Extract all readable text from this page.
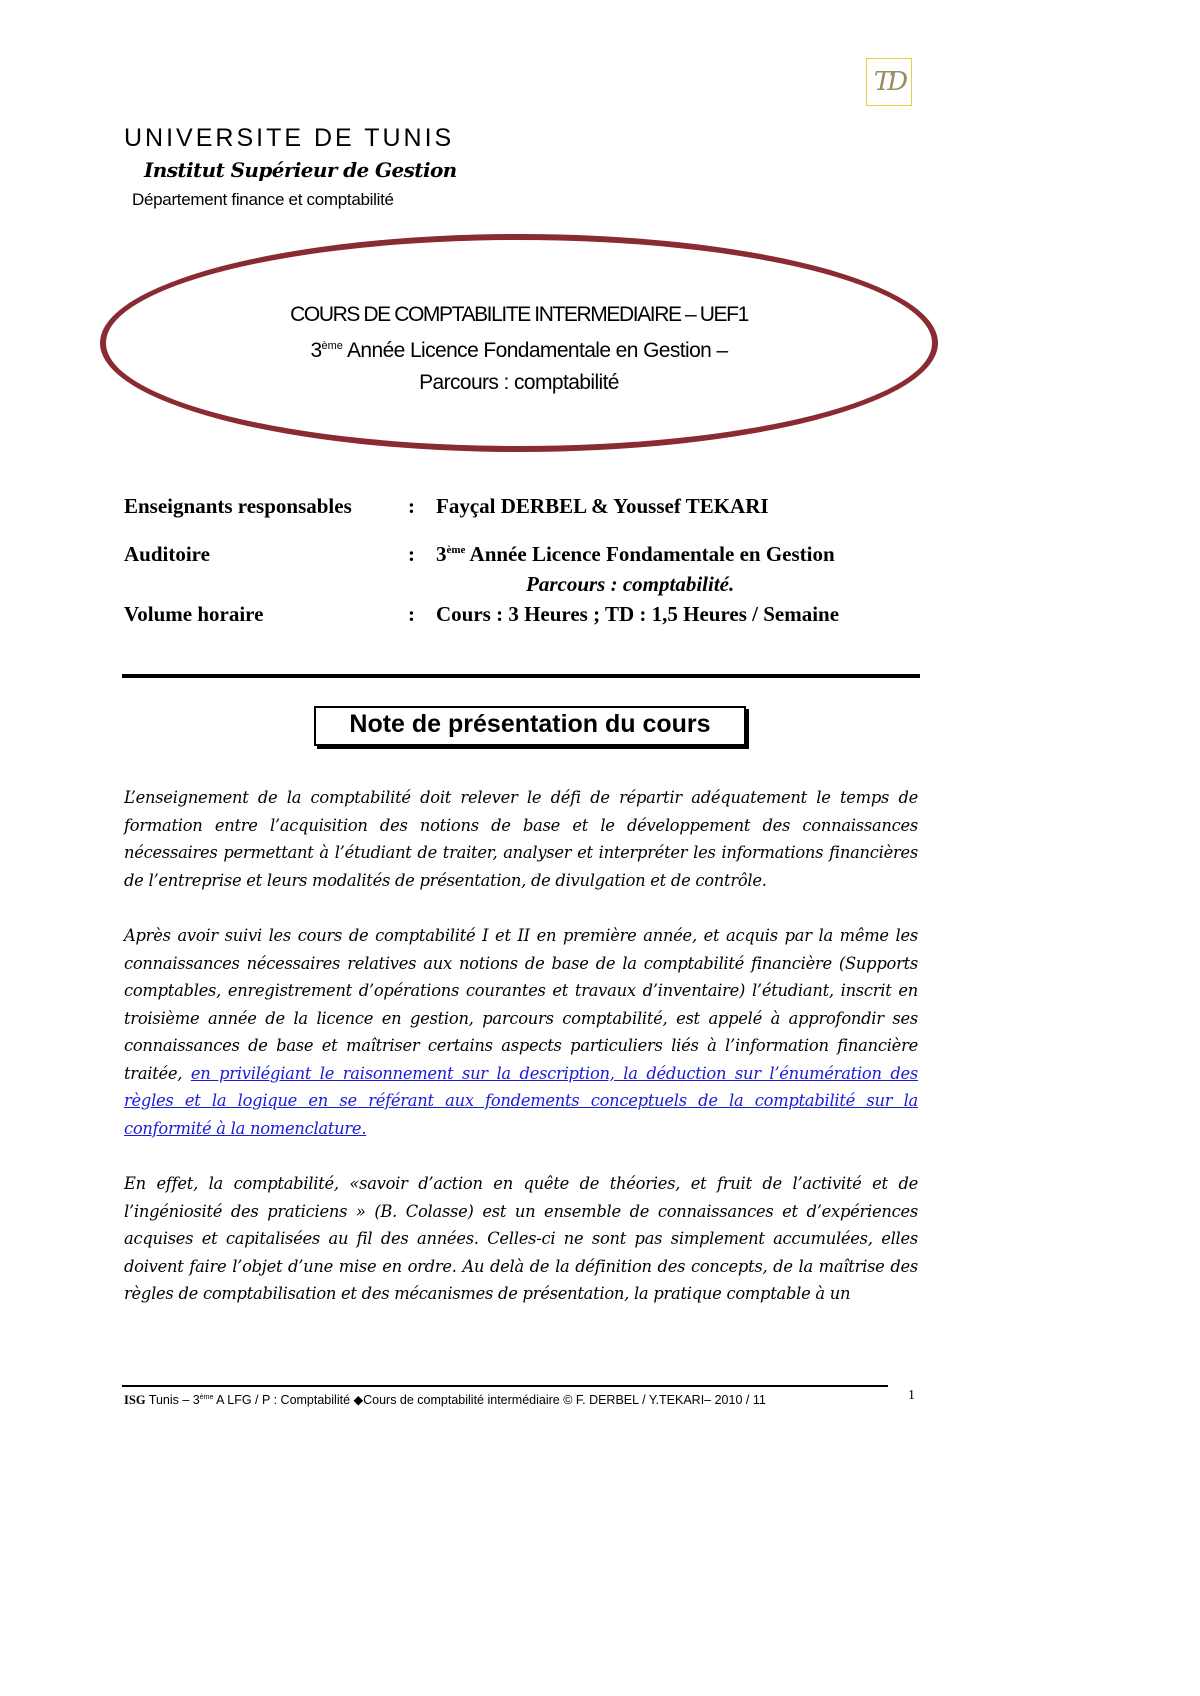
TD
UNIVERSITE DE TUNIS
Institut Supérieur de Gestion
Département finance et comptabilité
COURS DE COMPTABILITE INTERMEDIAIRE – UEF1
3ème Année Licence Fondamentale en Gestion –
Parcours : comptabilité
Enseignants responsables	: Fayçal DERBEL & Youssef TEKARI
Auditoire	: 3ème Année Licence Fondamentale en Gestion
Parcours : comptabilité.
Volume horaire	: Cours : 3 Heures ; TD : 1,5 Heures / Semaine
Note de présentation du cours

L’enseignement de la comptabilité doit relever le défi de répartir adéquatement le temps de formation entre l’acquisition des notions de base et le développement des connaissances nécessaires permettant à l’étudiant de traiter, analyser et interpréter les informations financières de l’entreprise et leurs modalités de présentation, de divulgation et de contrôle.

Après avoir suivi les cours de comptabilité I et II en première année, et acquis par la même les connaissances nécessaires relatives aux notions de base de la comptabilité financière (Supports comptables, enregistrement d’opérations courantes et travaux d’inventaire) l’étudiant, inscrit en troisième année de la licence en gestion, parcours comptabilité, est appelé à approfondir ses connaissances de base et maîtriser certains aspects particuliers liés à l’information financière traitée, en privilégiant le raisonnement sur la description, la déduction sur l’énumération des règles et la logique en se référant aux fondements conceptuels de la comptabilité sur la conformité à la nomenclature.

En effet, la comptabilité, «savoir d’action en quête de théories, et fruit de l’activité et de l’ingéniosité des praticiens » (B. Colasse) est un ensemble de connaissances et d’expériences acquises et capitalisées au fil des années. Celles-ci ne sont pas simplement accumulées, elles doivent faire l’objet d’une mise en ordre. Au delà de la définition des concepts, de la maîtrise des règles de comptabilisation et des mécanismes de présentation, la pratique comptable à un

ISG Tunis – 3ème A LFG / P : Comptabilité ◆Cours de comptabilité intermédiaire © F. DERBEL / Y.TEKARI– 2010 / 11	1
